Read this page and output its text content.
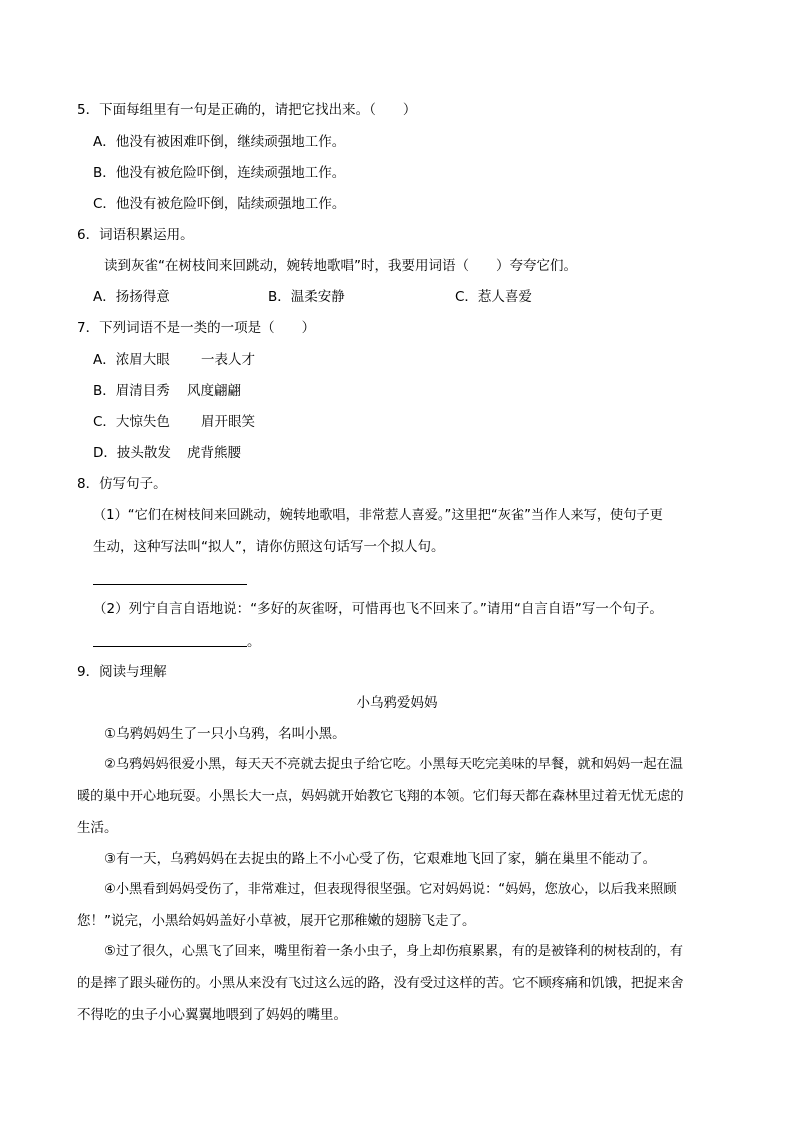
5．下面每组里有一句是正确的，请把它找出来。（　　）
A．他没有被困难吓倒，继续顽强地工作。
B．他没有被危险吓倒，连续顽强地工作。
C．他没有被危险吓倒，陆续顽强地工作。
6．词语积累运用。
读到灰雀“在树枝间来回跳动，婉转地歌唱”时，我要用词语（　　）夸夸它们。
A．扬扬得意	B．温柔安静	C．惹人喜爱
7．下列词语不是一类的一项是（　　）
A．浓眉大眼 一表人才
B．眉清目秀 风度翩翩
C．大惊失色 眉开眼笑
D．披头散发 虎背熊腰
8．仿写句子。
（1）“它们在树枝间来回跳动，婉转地歌唱，非常惹人喜爱。”这里把“灰雀”当作人来写，使句子更
生动，这种写法叫“拟人”，请你仿照这句话写一个拟人句。
（2）列宁自言自语地说：“多好的灰雀呀，可惜再也飞不回来了。”请用“自言自语”写一个句子。
。
9．阅读与理解
小乌鸦爱妈妈
①乌鸦妈妈生了一只小乌鸦，名叫小黑。
②乌鸦妈妈很爱小黑，每天天不亮就去捉虫子给它吃。小黑每天吃完美味的早餐，就和妈妈一起在温
暖的巢中开心地玩耍。小黑长大一点，妈妈就开始教它飞翔的本领。它们每天都在森林里过着无忧无虑的
生活。
③有一天，乌鸦妈妈在去捉虫的路上不小心受了伤，它艰难地飞回了家，躺在巢里不能动了。
④小黑看到妈妈受伤了，非常难过，但表现得很坚强。它对妈妈说：“妈妈，您放心，以后我来照顾
您！”说完，小黑给妈妈盖好小草被，展开它那稚嫩的翅膀飞走了。
⑤过了很久，心黑飞了回来，嘴里衔着一条小虫子，身上却伤痕累累，有的是被锋利的树枝刮的，有
的是摔了跟头碰伤的。小黑从来没有飞过这么远的路，没有受过这样的苦。它不顾疼痛和饥饿，把捉来舍
不得吃的虫子小心翼翼地喂到了妈妈的嘴里。
